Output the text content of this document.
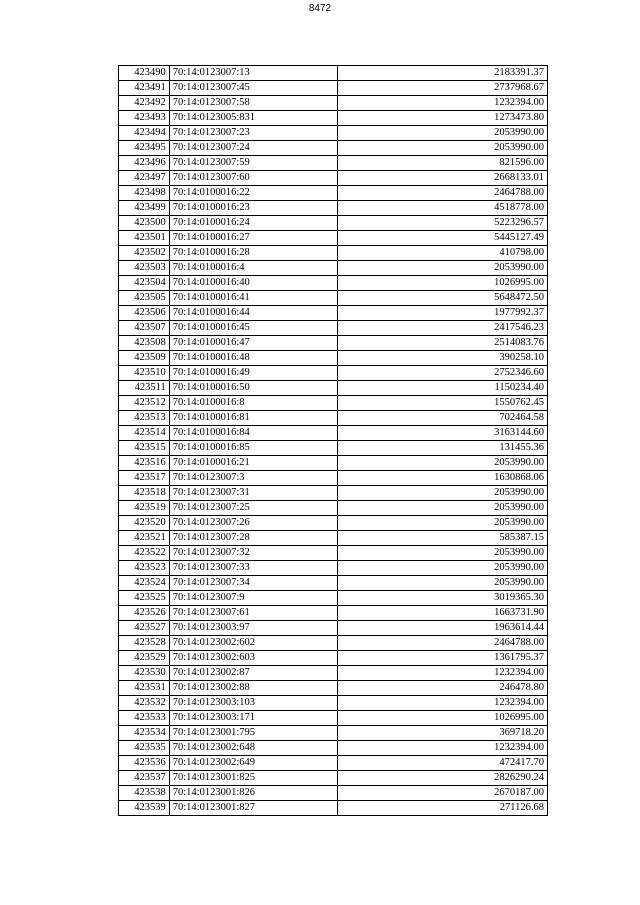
8472
423490	70:14:0123007:13	2183391.37
423491	70:14:0123007:45	2737968.67
423492	70:14:0123007:58	1232394.00
423493	70:14:0123005:831	1273473.80
423494	70:14:0123007:23	2053990.00
423495	70:14:0123007:24	2053990.00
423496	70:14:0123007:59	821596.00
423497	70:14:0123007:60	2668133.01
423498	70:14:0100016:22	2464788.00
423499	70:14:0100016:23	4518778.00
423500	70:14:0100016:24	5223296.57
423501	70:14:0100016:27	5445127.49
423502	70:14:0100016:28	410798.00
423503	70:14:0100016:4	2053990.00
423504	70:14:0100016:40	1026995.00
423505	70:14:0100016:41	5648472.50
423506	70:14:0100016:44	1977992.37
423507	70:14:0100016:45	2417546.23
423508	70:14:0100016:47	2514083.76
423509	70:14:0100016:48	390258.10
423510	70:14:0100016:49	2752346.60
423511	70:14:0100016:50	1150234.40
423512	70:14:0100016:8	1550762.45
423513	70:14:0100016:81	702464.58
423514	70:14:0100016:84	3163144.60
423515	70:14:0100016:85	131455.36
423516	70:14:0100016:21	2053990.00
423517	70:14:0123007:3	1630868.06
423518	70:14:0123007:31	2053990.00
423519	70:14:0123007:25	2053990.00
423520	70:14:0123007:26	2053990.00
423521	70:14:0123007:28	585387.15
423522	70:14:0123007:32	2053990.00
423523	70:14:0123007:33	2053990.00
423524	70:14:0123007:34	2053990.00
423525	70:14:0123007:9	3019365.30
423526	70:14:0123007:61	1663731.90
423527	70:14:0123003:97	1963614.44
423528	70:14:0123002:602	2464788.00
423529	70:14:0123002:603	1361795.37
423530	70:14:0123002:87	1232394.00
423531	70:14:0123002:88	246478.80
423532	70:14:0123003:103	1232394.00
423533	70:14:0123003:171	1026995.00
423534	70:14:0123001:795	369718.20
423535	70:14:0123002:648	1232394.00
423536	70:14:0123002:649	472417.70
423537	70:14:0123001:825	2826290.24
423538	70:14:0123001:826	2670187.00
423539	70:14:0123001:827	271126.68
